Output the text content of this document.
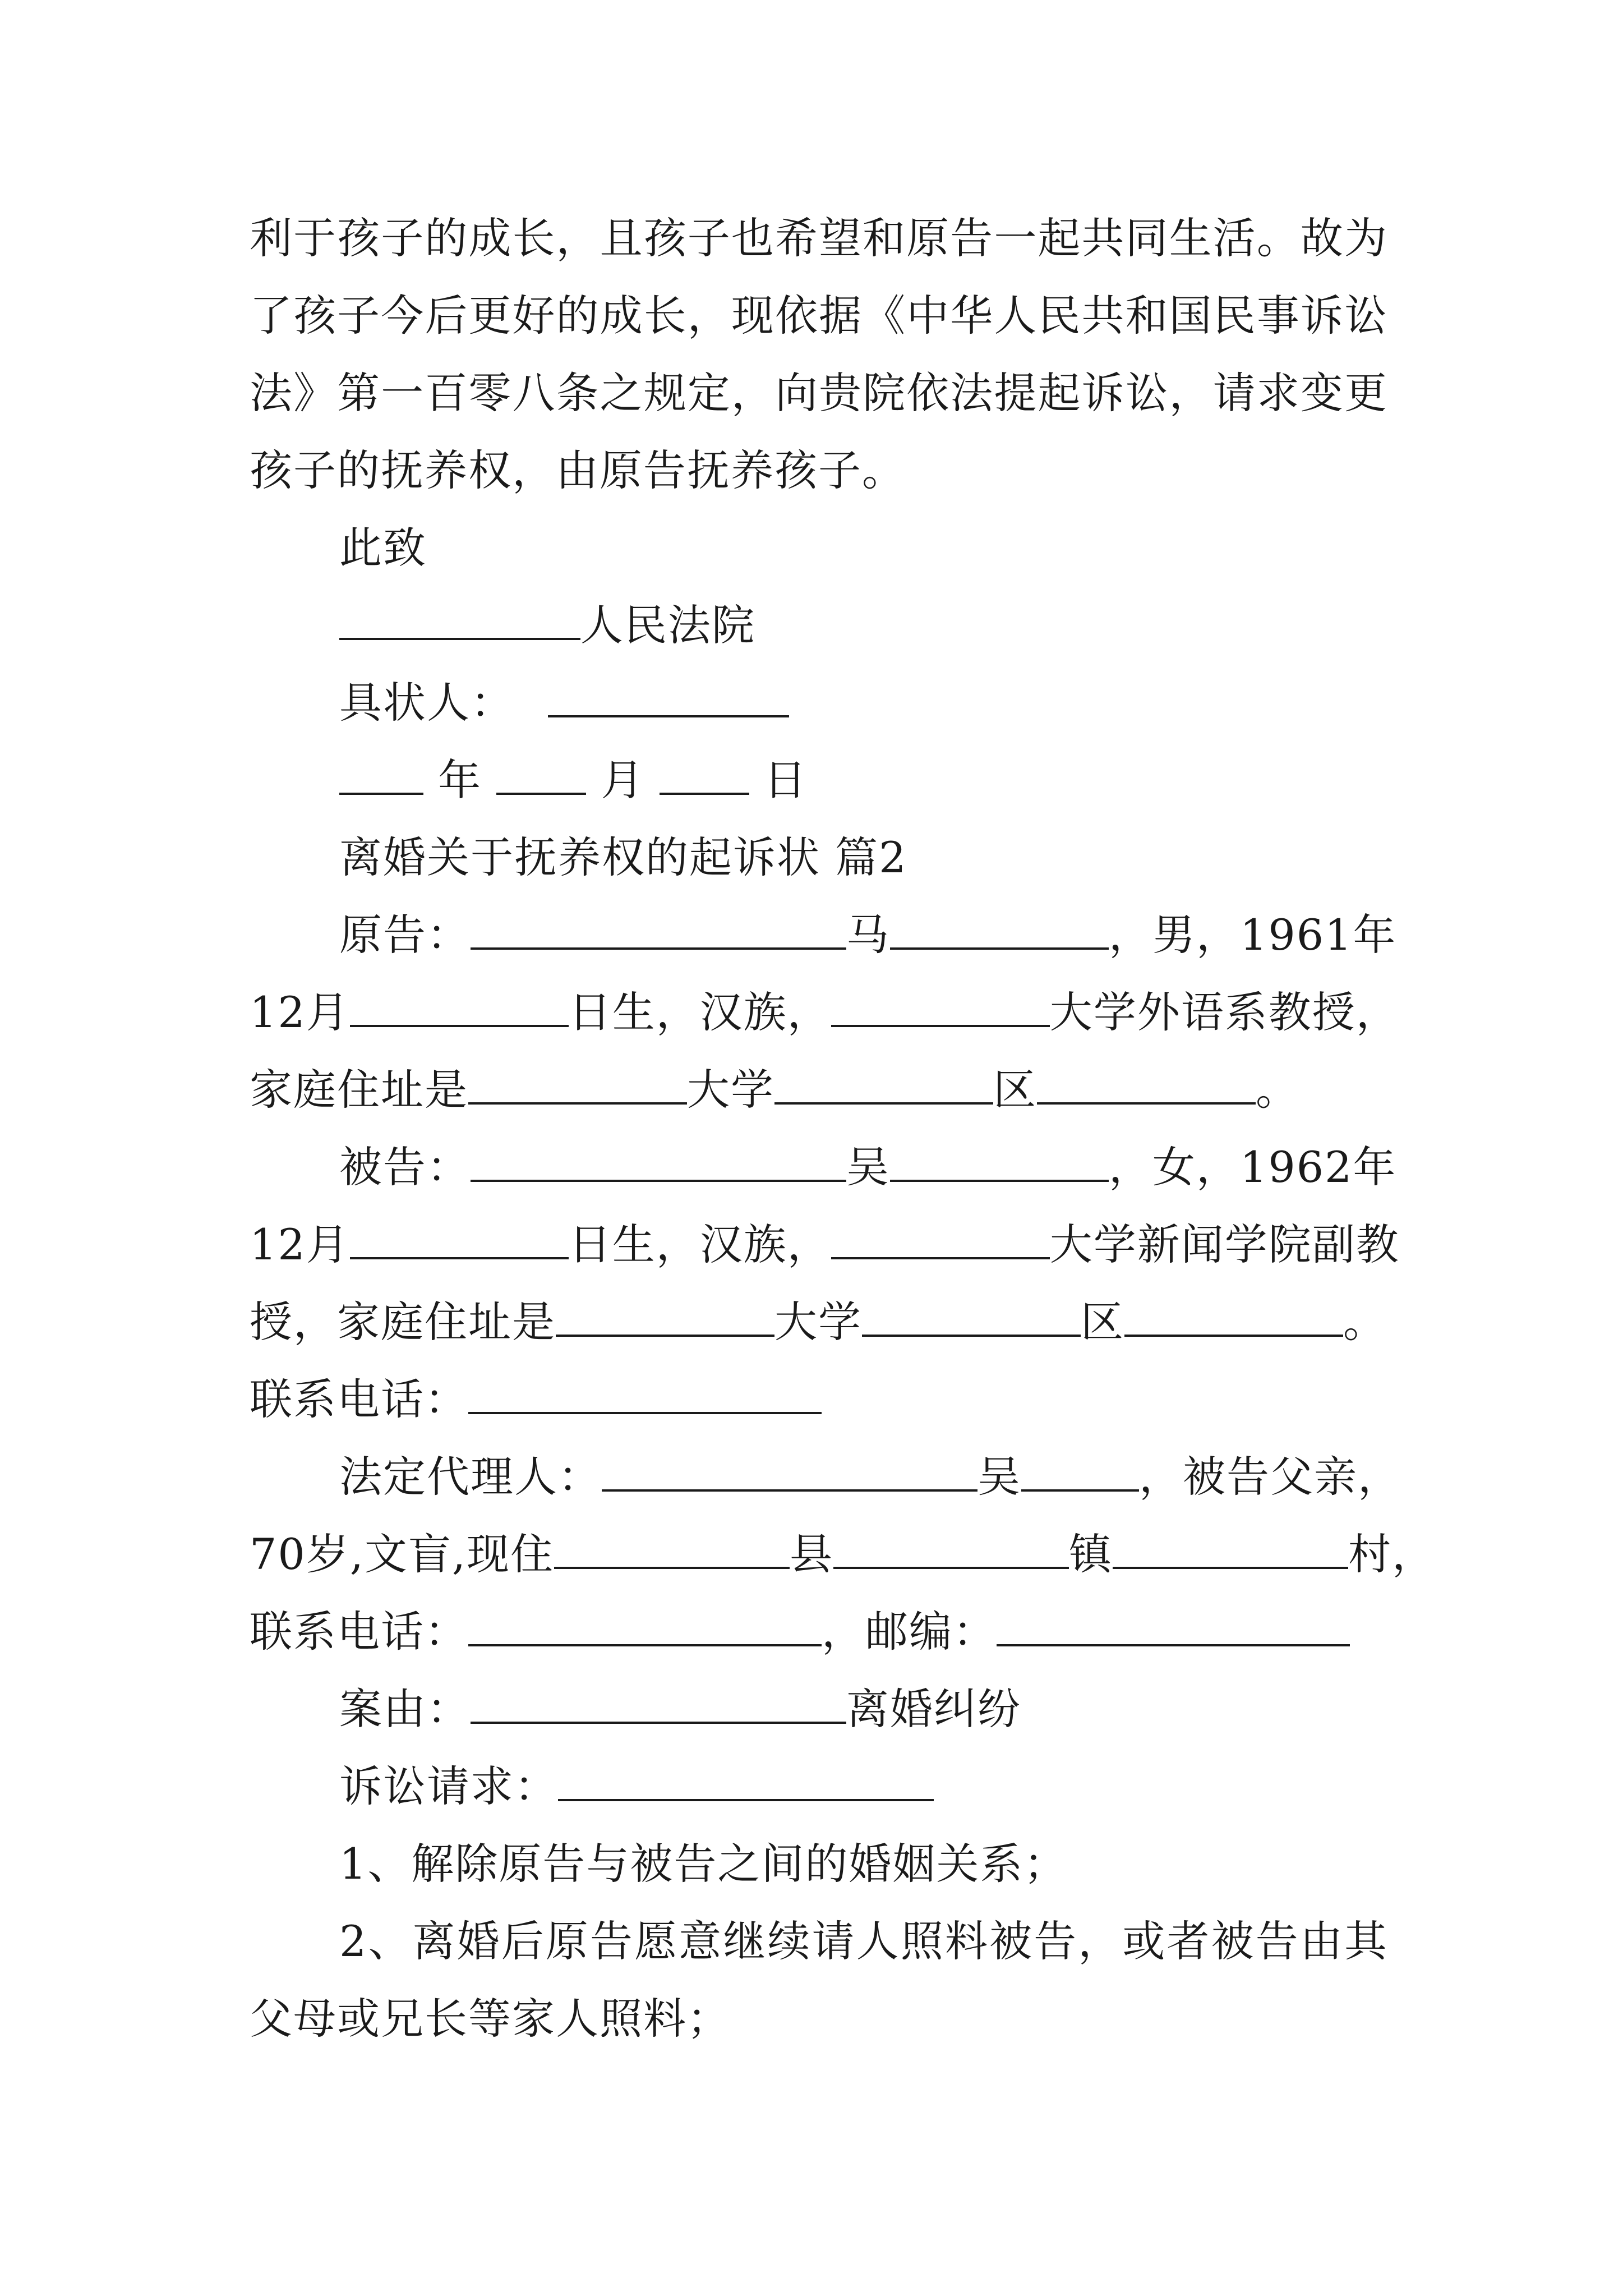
利于孩子的成长，且孩子也希望和原告一起共同生活。故为
了孩子今后更好的成长，现依据《中华人民共和国民事诉讼
法》第一百零八条之规定，向贵院依法提起诉讼，请求变更
孩子的抚养权，由原告抚养孩子。
此致
人民法院
具状人：
年	月	日
离婚关于抚养权的起诉状 篇2
原告：	马	，男，1961年
12月	日生，汉族，	大学外语系教授，
家庭住址是	大学	区	。
被告：	吴	，女，1962年
12月	日生，汉族，	大学新闻学院副教
授，家庭住址是	大学	区	。
联系电话：
法定代理人：	吴	，被告父亲，
70岁,文盲,现住	县	镇	村，
联系电话：	，邮编：
案由：	离婚纠纷
诉讼请求：
1、解除原告与被告之间的婚姻关系；
2、离婚后原告愿意继续请人照料被告，或者被告由其
父母或兄长等家人照料；
